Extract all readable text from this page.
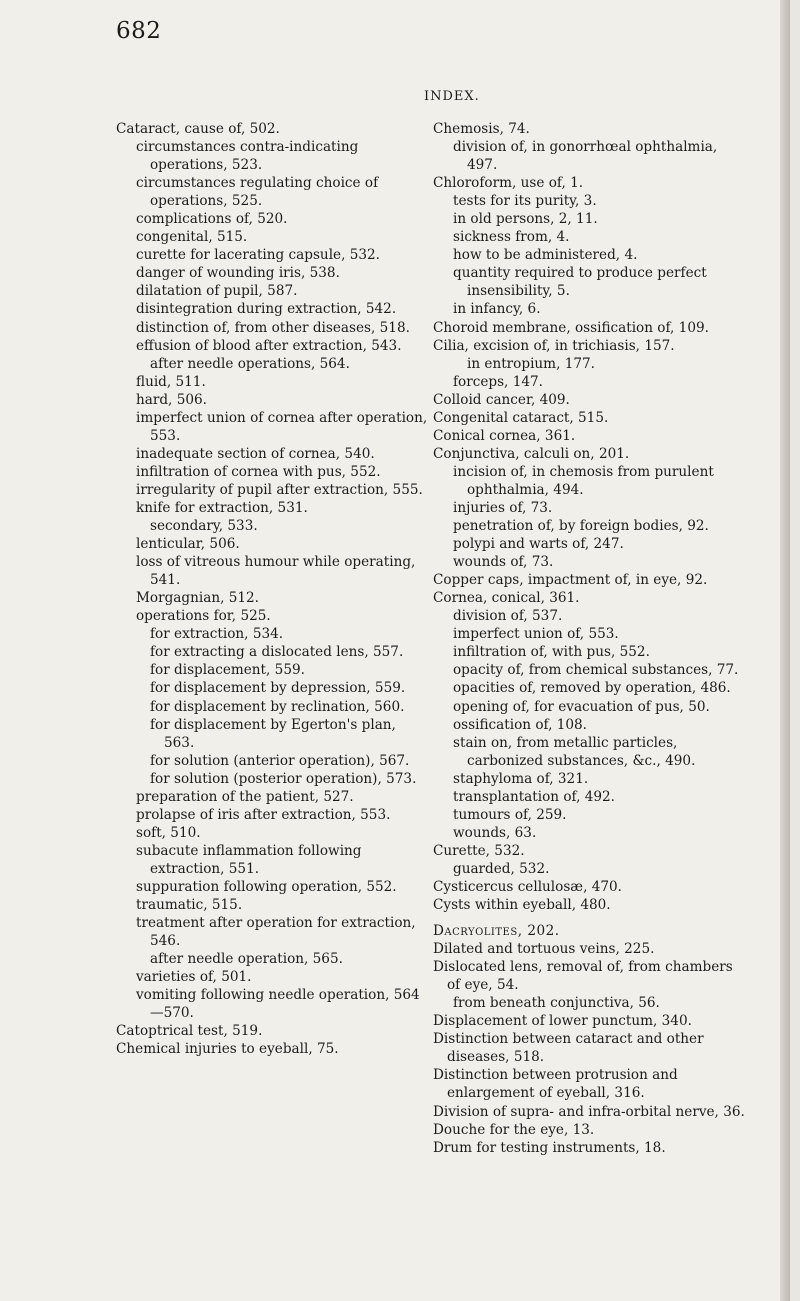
682
INDEX.
Cataract, cause of, 502.
circumstances contra-indicating operations, 523.
circumstances regulating choice of operations, 525.
complications of, 520.
congenital, 515.
curette for lacerating capsule, 532.
danger of wounding iris, 538.
dilatation of pupil, 587.
disintegration during extraction, 542.
distinction of, from other diseases, 518.
effusion of blood after extraction, 543.
after needle operations, 564.
fluid, 511.
hard, 506.
imperfect union of cornea after operation, 553.
inadequate section of cornea, 540.
infiltration of cornea with pus, 552.
irregularity of pupil after extraction, 555.
knife for extraction, 531.
secondary, 533.
lenticular, 506.
loss of vitreous humour while operating, 541.
Morgagnian, 512.
operations for, 525.
for extraction, 534.
for extracting a dislocated lens, 557.
for displacement, 559.
for displacement by depression, 559.
for displacement by reclination, 560.
for displacement by Egerton's plan, 563.
for solution (anterior operation), 567.
for solution (posterior operation), 573.
preparation of the patient, 527.
prolapse of iris after extraction, 553.
soft, 510.
subacute inflammation following extraction, 551.
suppuration following operation, 552.
traumatic, 515.
treatment after operation for extraction, 546.
after needle operation, 565.
varieties of, 501.
vomiting following needle operation, 564—570.
Catoptrical test, 519.
Chemical injuries to eyeball, 75.
Chemosis, 74.
division of, in gonorrhœal ophthalmia, 497.
Chloroform, use of, 1.
tests for its purity, 3.
in old persons, 2, 11.
sickness from, 4.
how to be administered, 4.
quantity required to produce perfect insensibility, 5.
in infancy, 6.
Choroid membrane, ossification of, 109.
Cilia, excision of, in trichiasis, 157.
in entropium, 177.
forceps, 147.
Colloid cancer, 409.
Congenital cataract, 515.
Conical cornea, 361.
Conjunctiva, calculi on, 201.
incision of, in chemosis from purulent ophthalmia, 494.
injuries of, 73.
penetration of, by foreign bodies, 92.
polypi and warts of, 247.
wounds of, 73.
Copper caps, impactment of, in eye, 92.
Cornea, conical, 361.
division of, 537.
imperfect union of, 553.
infiltration of, with pus, 552.
opacity of, from chemical substances, 77.
opacities of, removed by operation, 486.
opening of, for evacuation of pus, 50.
ossification of, 108.
stain on, from metallic particles, carbonized substances, &c., 490.
staphyloma of, 321.
transplantation of, 492.
tumours of, 259.
wounds, 63.
Curette, 532.
guarded, 532.
Cysticercus cellulosæ, 470.
Cysts within eyeball, 480.
Dacryolites, 202.
Dilated and tortuous veins, 225.
Dislocated lens, removal of, from chambers of eye, 54.
from beneath conjunctiva, 56.
Displacement of lower punctum, 340.
Distinction between cataract and other diseases, 518.
Distinction between protrusion and enlargement of eyeball, 316.
Division of supra- and infra-orbital nerve, 36.
Douche for the eye, 13.
Drum for testing instruments, 18.
